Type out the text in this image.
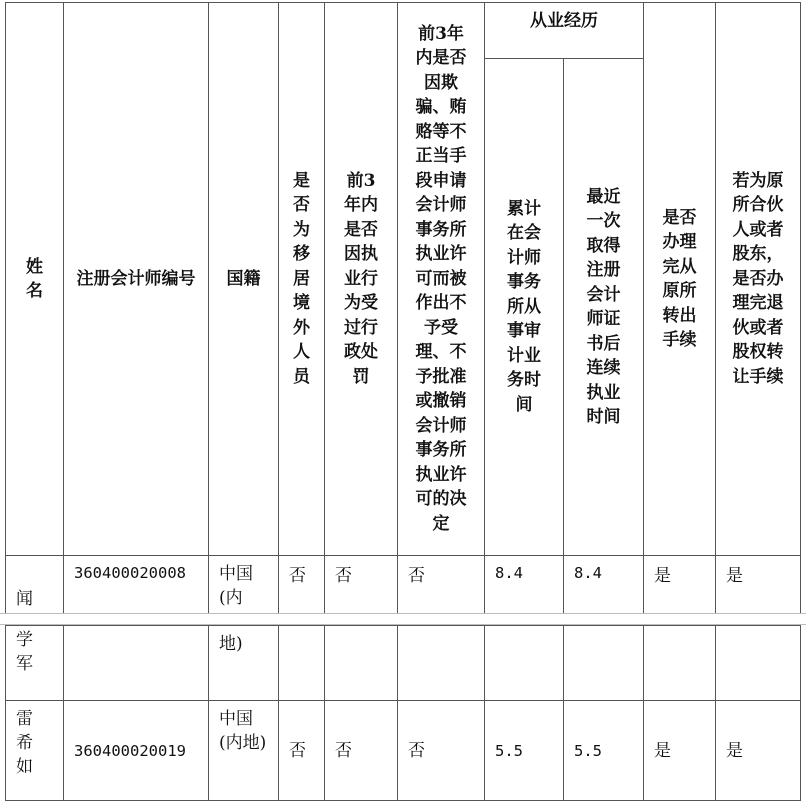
姓名	注册会计师编号	国籍	是否为移居境外人员	前3年内是否因执业行为受过行政处罚	前3年内是否因欺骗、贿赂等不正当手段申请会计师事务所执业许可而被作出不予受理、不予批准或撤销会计师事务所执业许可的决定	从业经历		是否办理完从原所转出手续	若为原所合伙人或者股东，是否办理完退伙或者股权转让手续
						累计在会计师事务所从事审计业务时间	最近一次取得注册会计师证书后连续执业时间		
闻	360400020008	中国(内	否	否	否	8.4	8.4	是	是
学军		地)							
雷希如	360400020019	中国(内地)	否	否	否	5.5	5.5	是	是
